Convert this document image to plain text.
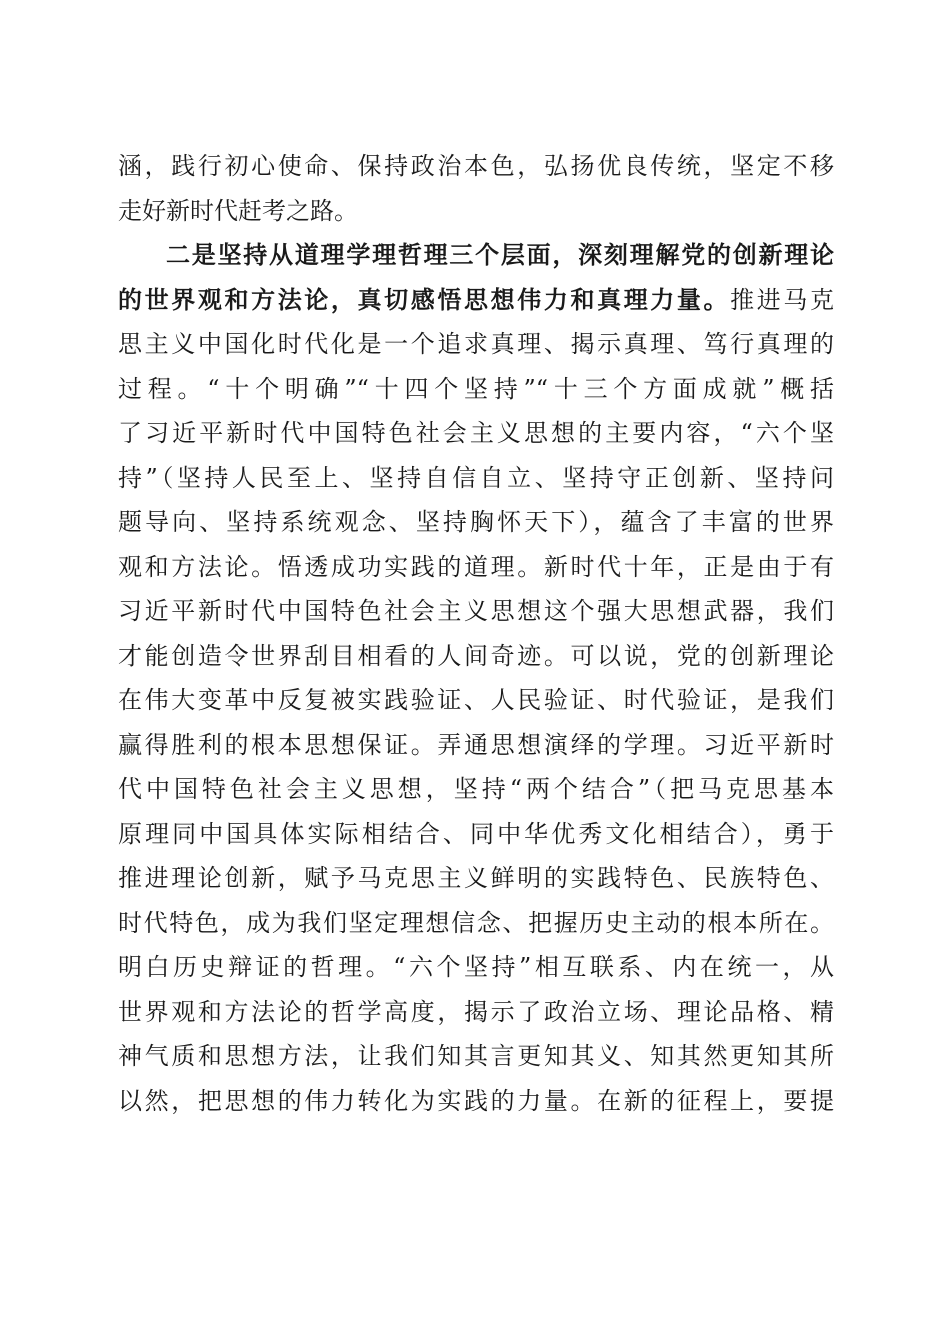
涵，践行初心使命、保持政治本色，弘扬优良传统，坚定不移
走好新时代赶考之路。
二是坚持从道理学理哲理三个层面，深刻理解党的创新理论
的世界观和方法论，真切感悟思想伟力和真理力量。推进马克
思主义中国化时代化是一个追求真理、揭示真理、笃行真理的
过程。“十个明确”“十四个坚持”“十三个方面成就”概括
了习近平新时代中国特色社会主义思想的主要内容，“六个坚
持”（坚持人民至上、坚持自信自立、坚持守正创新、坚持问
题导向、坚持系统观念、坚持胸怀天下），蕴含了丰富的世界
观和方法论。悟透成功实践的道理。新时代十年，正是由于有
习近平新时代中国特色社会主义思想这个强大思想武器，我们
才能创造令世界刮目相看的人间奇迹。可以说，党的创新理论
在伟大变革中反复被实践验证、人民验证、时代验证，是我们
赢得胜利的根本思想保证。弄通思想演绎的学理。习近平新时
代中国特色社会主义思想，坚持“两个结合”（把马克思基本
原理同中国具体实际相结合、同中华优秀文化相结合），勇于
推进理论创新，赋予马克思主义鲜明的实践特色、民族特色、
时代特色，成为我们坚定理想信念、把握历史主动的根本所在。
明白历史辩证的哲理。“六个坚持”相互联系、内在统一，从
世界观和方法论的哲学高度，揭示了政治立场、理论品格、精
神气质和思想方法，让我们知其言更知其义、知其然更知其所
以然，把思想的伟力转化为实践的力量。在新的征程上，要提
